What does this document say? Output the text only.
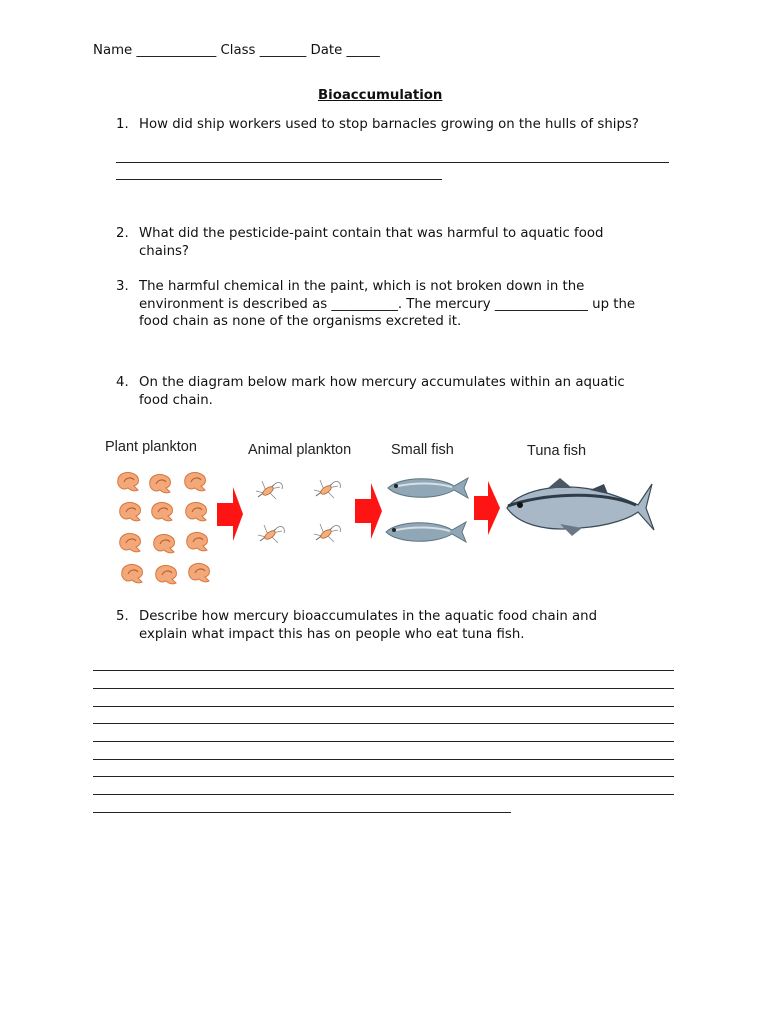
Name ____________ Class _______ Date _____
Bioaccumulation
1. How did ship workers used to stop barnacles growing on the hulls of ships?
2. What did the pesticide-paint contain that was harmful to aquatic food
chains?
3. The harmful chemical in the paint, which is not broken down in the
environment is described as __________. The mercury ______________ up the
food chain as none of the organisms excreted it.
4. On the diagram below mark how mercury accumulates within an aquatic
food chain.
Plant plankton	Animal plankton	Small fish	Tuna fish
5. Describe how mercury bioaccumulates in the aquatic food chain and
explain what impact this has on people who eat tuna fish.
